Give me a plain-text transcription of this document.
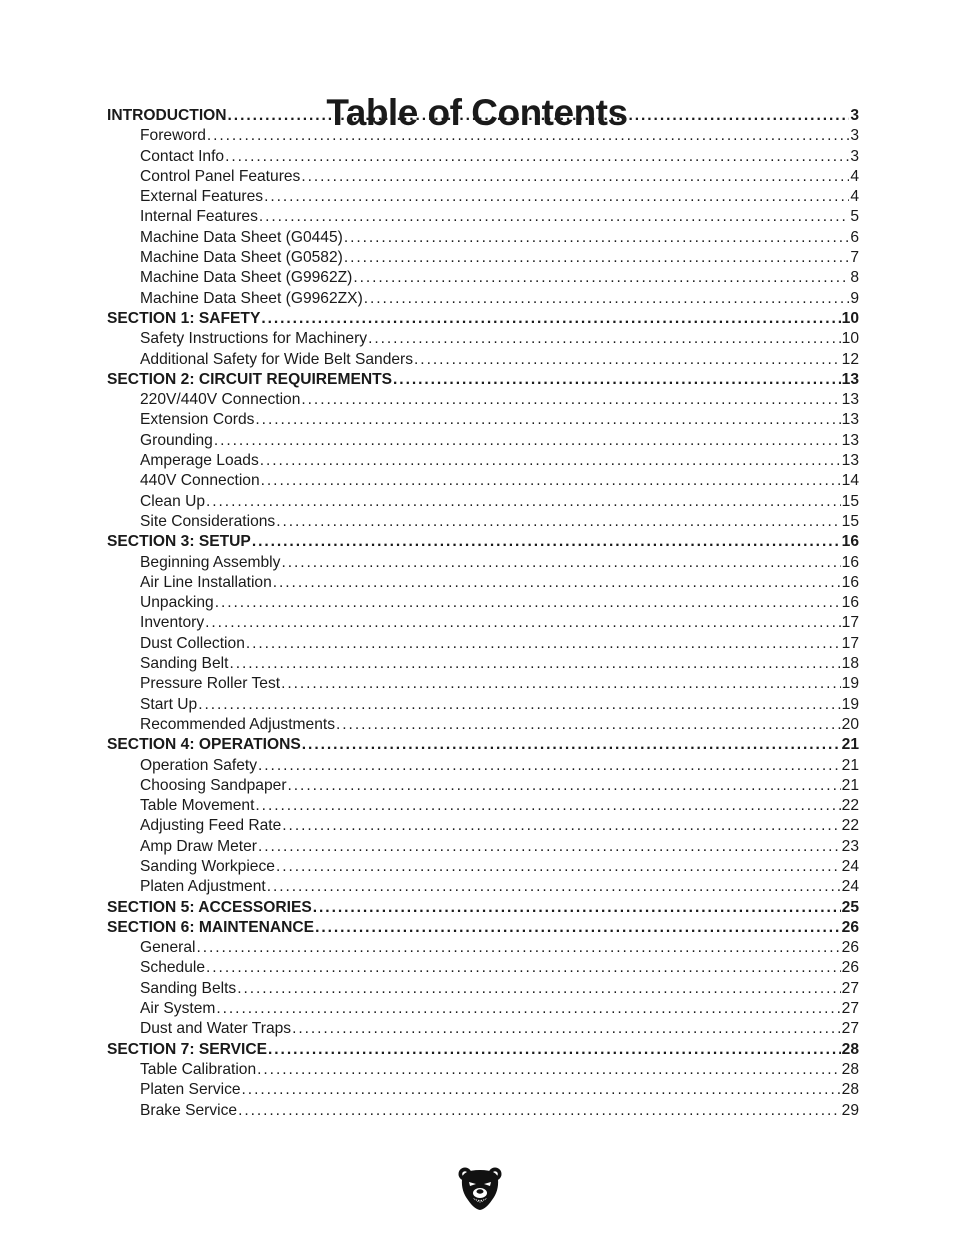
Table of Contents
INTRODUCTION . . .	3
Foreword . . .	3
Contact Info . . .	3
Control Panel Features . . .	4
External Features . . .	4
Internal Features . . .	5
Machine Data Sheet (G0445) . . .	6
Machine Data Sheet (G0582) . . .	7
Machine Data Sheet (G9962Z) . . .	8
Machine Data Sheet (G9962ZX) . . .	9
SECTION 1: SAFETY . . .	10
Safety Instructions for Machinery . . .	10
Additional Safety for Wide Belt Sanders . . .	12
SECTION 2: CIRCUIT REQUIREMENTS . . .	13
220V/440V Connection . . .	13
Extension Cords . . .	13
Grounding . . .	13
Amperage Loads . . .	13
440V Connection . . .	14
Clean Up . . .	15
Site Considerations . . .	15
SECTION 3: SETUP . . .	16
Beginning Assembly . . .	16
Air Line Installation . . .	16
Unpacking . . .	16
Inventory . . .	17
Dust Collection . . .	17
Sanding Belt . . .	18
Pressure Roller Test . . .	19
Start Up . . .	19
Recommended Adjustments . . .	20
SECTION 4: OPERATIONS . . .	21
Operation Safety . . .	21
Choosing Sandpaper . . .	21
Table Movement . . .	22
Adjusting Feed Rate . . .	22
Amp Draw Meter . . .	23
Sanding Workpiece . . .	24
Platen Adjustment . . .	24
SECTION 5: ACCESSORIES . . .	25
SECTION 6: MAINTENANCE . . .	26
General . . .	26
Schedule . . .	26
Sanding Belts . . .	27
Air System . . .	27
Dust and Water Traps . . .	27
SECTION 7: SERVICE . . .	28
Table Calibration . . .	28
Platen Service . . .	28
Brake Service . . .	29
